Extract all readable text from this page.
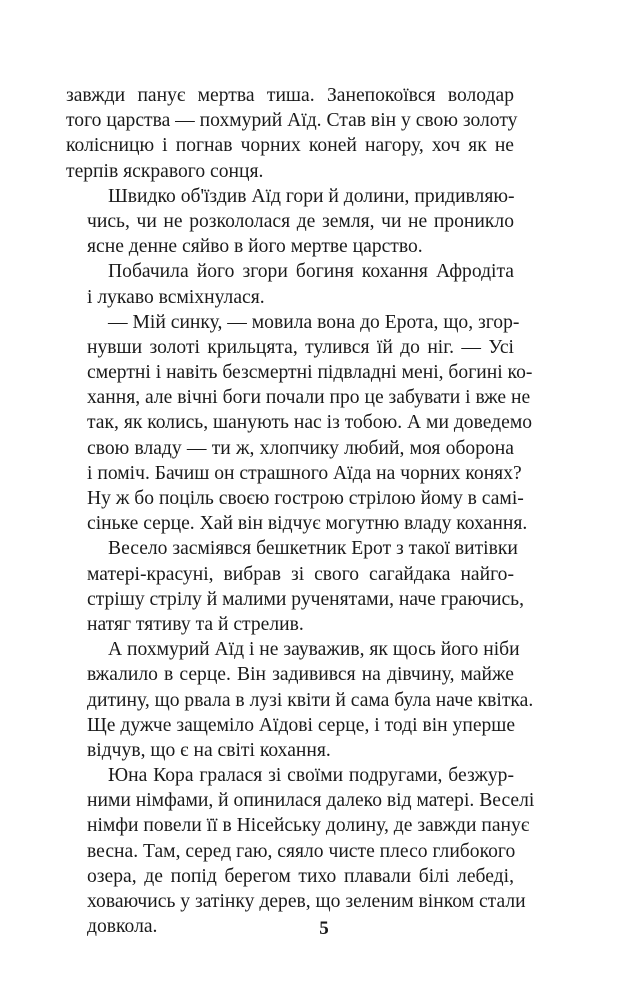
завжди панує мертва тиша. Занепокоївся володар
того царства — похмурий Аїд. Став він у свою золоту
колісницю і погнав чорних коней нагору, хоч як не
терпів яскравого сонця.
Швидко об'їздив Аїд гори й долини, придивляю-
чись, чи не розкололася де земля, чи не проникло
ясне денне сяйво в його мертве царство.
Побачила його згори богиня кохання Афродіта
і лукаво всміхнулася.
— Мій синку, — мовила вона до Ерота, що, згор-
нувши золоті крильцята, тулився їй до ніг. — Усі
смертні і навіть безсмертні підвладні мені, богині ко-
хання, але вічні боги почали про це забувати і вже не
так, як колись, шанують нас із тобою. А ми доведемо
свою владу — ти ж, хлопчику любий, моя оборона
і поміч. Бачиш он страшного Аїда на чорних конях?
Ну ж бо поціль своєю гострою стрілою йому в самі-
сіньке серце. Хай він відчує могутню владу кохання.
Весело засміявся бешкетник Ерот з такої витівки
матері-красуні, вибрав зі свого сагайдака найго-
стрішу стрілу й малими рученятами, наче граючись,
натяг тятиву та й стрелив.
А похмурий Аїд і не зауважив, як щось його ніби
вжалило в серце. Він задивився на дівчину, майже
дитину, що рвала в лузі квіти й сама була наче квітка.
Ще дужче защеміло Аїдові серце, і тоді він уперше
відчув, що є на світі кохання.
Юна Кора гралася зі своїми подругами, безжур-
ними німфами, й опинилася далеко від матері. Веселі
німфи повели її в Нісейську долину, де завжди панує
весна. Там, серед гаю, сяяло чисте плесо глибокого
озера, де попід берегом тихо плавали білі лебеді,
ховаючись у затінку дерев, що зеленим вінком стали
довкола.	5
